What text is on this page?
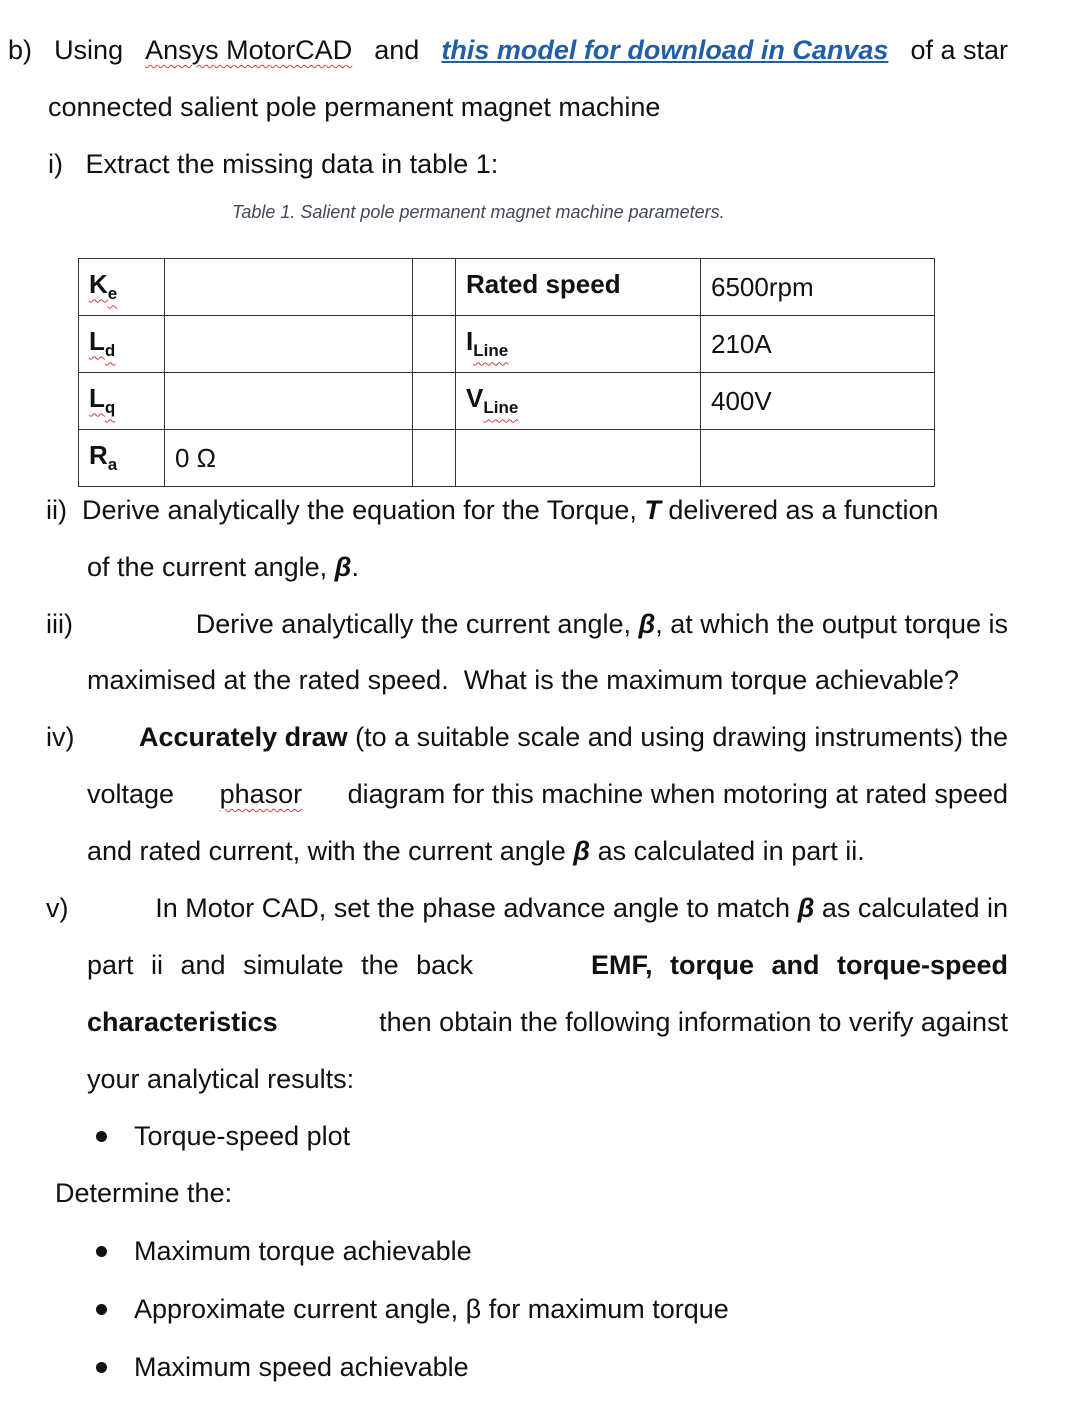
b) Using Ansys MotorCAD and this model for download in Canvas of a star
connected salient pole permanent magnet machine
i) Extract the missing data in table 1:
Table 1. Salient pole permanent magnet machine parameters.
$K_e$			Rated speed	6500rpm
$L_d$			$I_{Line}$	210A
$L_q$			$V_{Line}$	400V
$R_a$	0 Ω			
ii) Derive analytically the equation for the Torque, T delivered as a function
of the current angle, β.
iii)	Derive analytically the current angle, β, at which the output torque is
maximised at the rated speed.  What is the maximum torque achievable?
iv) Accurately draw (to a suitable scale and using drawing instruments) the
voltage phasor diagram for this machine when motoring at rated speed
and rated current, with the current angle β as calculated in part ii.
v)	In Motor CAD, set the phase advance angle to match β as calculated in
part ii and simulate the back	EMF, torque and torque-speed
characteristics	then obtain the following information to verify against
your analytical results:
Torque-speed plot
Determine the:
Maximum torque achievable
Approximate current angle, β for maximum torque
Maximum speed achievable
